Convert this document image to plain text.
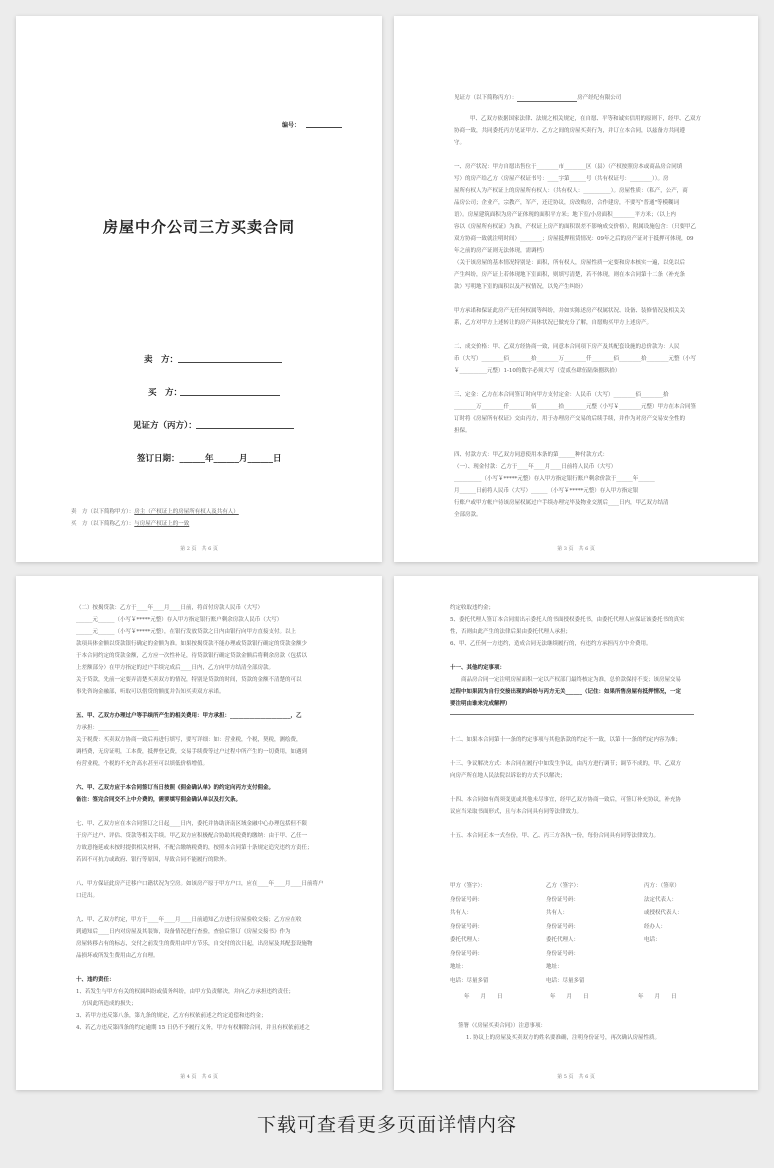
编号：
房屋中介公司三方买卖合同
卖　方：
买　方：
见证方（丙方）：
签订日期：______年______月______日
卖　方（以下简称甲方）：房主（产权证上的房屋所有权人及共有人）
买　方（以下简称乙方）：与房屋产权证上的一致
第 2 页　共 6 页
见证方（以下简称丙方）：	房产经纪有限公司
甲、乙双方依据国家法律、法规之相关规定，在自愿、平等和诚实信用的原则下，经甲、乙双方
协商一致，共同委托丙方见证甲方、乙方之间的房屋买卖行为，并订立本合同，以兹备方共同遵
守。
一、房产状况：甲方自愿出售位于________市________区（县）（产权按照房本或商品房合同填
写）的房产给乙方（房屋产权证书号：____字第______号（共有权证号：________））。房
屋所有权人为产权证上的房屋所有权人：（共有权人：__________）。房屋性质：（私产，公产，商
品房公司；企业产，宗教产，军产，还迁协议，房改购房，合作建房，不要写"普通"等模糊词
语）。房屋建筑面积为房产证体现的面积平方米；地下室/小房面积________平方米；（以上内
容以《房屋所有权证》为准，产权证上房产的面积误差不影响成交价格），附属设施包含：（只要甲乙
双方协商一致就注明时间）________；房屋抵押租赁情况：09年之后的房产证对于抵押可体现，09
年之前的房产证则无法体现，需调档）
（关于该房屋的基本情况特别是：面积，所有权人，房屋性质一定要和房本核实一遍，以免以后
产生纠纷，房产证上若体现地下室面积，则填写清楚，若不体现，则在本合同第十二条（补充条
款）写明地下室的面积以及产权情况，以免产生纠纷）
甲方承诺和保证此房产无任何权属等纠纷，并如实陈述房产权属状况、设备、装修情况及相关关
系，乙方对甲方上述转让的房产具体状况已做充分了解，自愿购买甲方上述房产。
二、成交价格：甲、乙双方经协商一致，同意本合同项下房产及其配套设施的总价款为：人民
币（大写）________佰________拾________万________仟________佰________拾________元整（小写
￥__________元整）1-10的数字必须大写（壹贰叁肆伍陆柒捌玖拾）
三、定金：乙方在本合同签订时向甲方支付定金：人民币（大写）________佰________拾
________万________仟________佰________拾________元整（小写￥________元整）甲方在本合同签
订时将《房屋所有权证》交由丙方，用于办理房产交易的后续手续，并作为对房产交易安全性的
担保。
四、付款方式：甲乙双方同意使用本条的第______种付款方式：
（一）、现金付款：乙方于____年____月____日前将人民币（大写）
__________（小写￥*****元整）存入甲方指定银行账户剩余价款于______年______
月______日前将人民币（大写）______（小写￥*****元整）存入甲方指定银
行账户或甲方帐户待该房屋权属过户手续办理完毕及物业交割后____日内，甲乙双方结清
全部房款。
第 3 页　共 6 页
（二）按揭贷款：乙方于____年____月____日前，将首付房款人民币（大写）
______元______（小写￥*****元整）存入甲方指定银行账户剩余房款人民币（大写）
______元______（小写￥*****元整），在银行发放贷款之日内由银行向甲方直接支付。以上
款项具体金额以贷款银行确定的金额为准。如果按揭贷款不能办理或贷款银行确定的贷款金额少
于本合同约定的贷款金额，乙方应一次性补足，待贷款银行确定贷款金额后将剩余房款（包括以
上差额部分）在甲方指定的过户手续完成后____日内，乙方向甲方结清全部房款。
关于贷款，先前一定要弄清楚买卖双方的情况，特别是贷款的时间，贷款的金额不清楚的可以
事先咨询金融部，听取可以借贷的额度并告知买卖双方承诺。
五、甲、乙双方办理过户等手续所产生的相关费用：甲方承担：______________________，乙
方承担：______________________
关于税费：买卖双方协商一致后再进行填写，要写详细：如：营业税，个税，契税，测绘费，
调档费，无房证明，工本费，抵押登记费，交易手续费等过户过程中所产生的一切费用，如遇到
有营业税，个税的不允许高水甚至可以填低价格增值。
六、甲、乙双方应于本合同签订当日按照《佣金确认单》的约定向丙方支付佣金。
备注：签完合同交不上中介费的，需要填写佣金确认单以及打欠条。
七、甲、乙双方应在本合同签订之日起____日内，委托并协助济南区域金融中心办理包括但不限
于房产过户、评估、贷款等相关手续。甲乙双方应积极配合协助其税费的缴纳：由于甲、乙任一
方故意拖延或未按时提供相关材料，不配合缴纳税费的，按照本合同第十条规定追究违约方责任；
若因不可抗力或政府、银行等原因，导致合同不能履行的除外。
八、甲方保证此房产迁移户口籍状况为空房。如该房产原于甲方户口，应在____年____月____日前将户
口迁出。
九、甲、乙双方约定，甲方于____年____月____日前通知乙方进行房屋验收交接；乙方应在收
到通知后____日内对房屋及其装饰，设备情况进行查验，查验后签订《房屋交接书》作为
房屋转移占有的标志，交付之前发生的费用由甲方节乐，自交付的次日起，出房屋及其配套设施物
品损坏或所发生费用由乙方自理。
十、违约责任：
1、若发生与甲方有关的权属纠纷或债务纠纷，由甲方负责解决，并向乙方承担违约责任；
　方因此所造成的损失；
3、若甲方违反第八条，第九条的规定，乙方有权依前述之约定追偿和违约金；
4、若乙方违反第四条的约定逾期 15 日仍不予履行义务，甲方有权解除合同，并且有权依前述之
第 4 页　共 6 页
约定收取违约金；
5、委托代理人签订本合同需出示委托人的书面授权委托书，由委托代理人应保证该委托书的真实
性，否则由此产生的法律后果由委托代理人承担；
6、甲、乙任何一方违约，造成合同无法继续履行的，有违约方承担丙方中介费用。
十一、其他约定事项：
　　商品房合同一定注明房屋面积一定以产权部门最终核定为准，总价款保持不变；该房屋交易
过程中如果因为自行交接出现的纠纷与丙方无关______（记住：如果所售房屋有抵押情况，一定
要注明由谁来完成解押）
十二、如果本合同第十一条的约定事项与其他条款的约定不一致，以第十一条的约定内容为准；
十三、争议解决方式：本合同在履行中如发生争议，由丙方进行调节；调节不成的，甲、乙双方
向房产所在地人民法院以诉讼的方式予以解决；
十四、本合同如有尚须变更或其他未尽事宜，经甲乙双方协商一致后，可签订补充协议，补充协
议应当采取书面形式，且与本合同具有同等法律效力。
十五、本合同正本一式叁份，甲、乙、丙三方各执一份，每份合同具有同等法律效力。
甲方（签字）：
身份证号码：
共有人：
身份证号码：
委托代理人：
身份证号码：
地址：
电话：尽量多留
乙方（签字）：
身份证号码：
共有人：
身份证号码：
委托代理人：
身份证号码：
地址：
电话：尽量多留
丙方：（签章）
法定代表人：
或授权代表人：
经办人：
电话：
年　　月　　日	年　　月　　日	年　　月　　日
签署（《房屋买卖合同》）注意事项：
1. 协议上的房屋及买卖双方的姓名要准确，注明身份证号，再次确认房屋性质。
第 5 页　共 6 页
下载可查看更多页面详情内容
